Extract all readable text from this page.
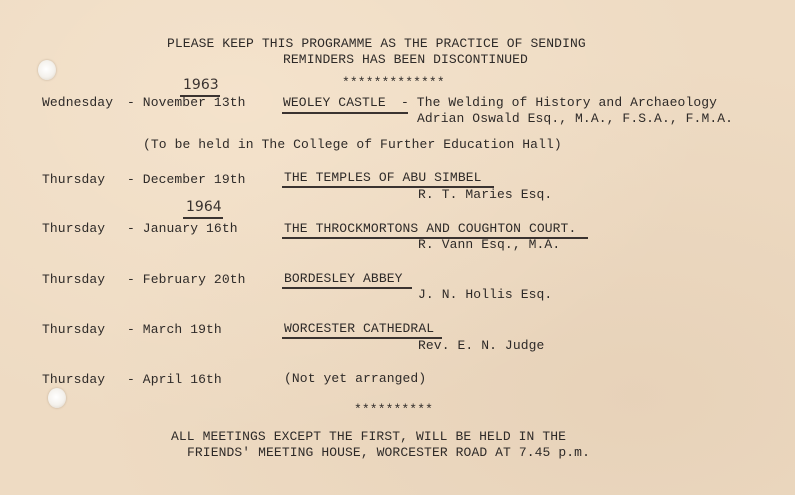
PLEASE KEEP THIS PROGRAMME AS THE PRACTICE OF SENDING
REMINDERS HAS BEEN DISCONTINUED
*************
1963
Wednesday - November 13th	WEOLEY CASTLE - The Welding of History and Archaeology
Adrian Oswald Esq., M.A., F.S.A., F.M.A.
(To be held in The College of Further Education Hall)
Thursday - December 19th	THE TEMPLES OF ABU SIMBEL
R. T. Maries Esq.
1964
Thursday - January 16th	THE THROCKMORTONS AND COUGHTON COURT.
R. Vann Esq., M.A.
Thursday - February 20th	BORDESLEY ABBEY
J. N. Hollis Esq.
Thursday - March 19th	WORCESTER CATHEDRAL
Rev. E. N. Judge
Thursday - April 16th	(Not yet arranged)
**********
ALL MEETINGS EXCEPT THE FIRST, WILL BE HELD IN THE
FRIENDS' MEETING HOUSE, WORCESTER ROAD AT 7.45 p.m.
